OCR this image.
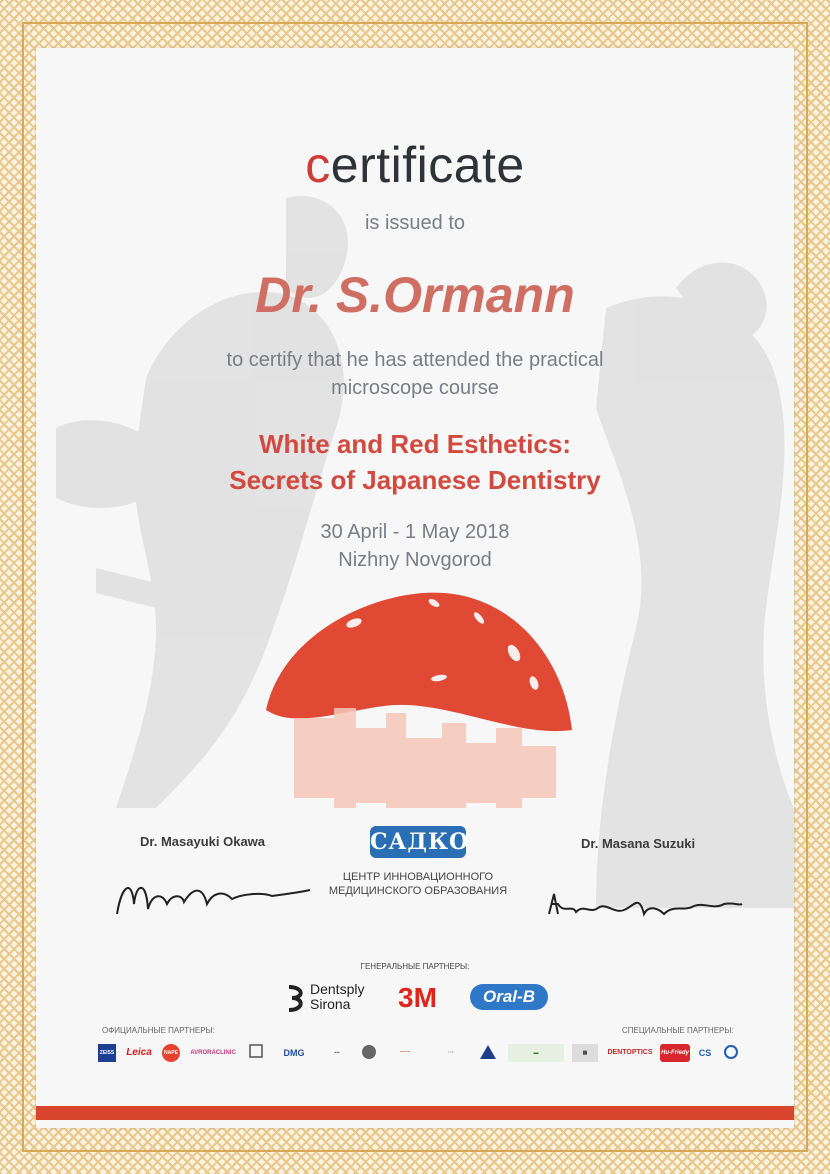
certificate
is issued to
Dr. S.Ormann
to certify that he has attended the practical
microscope course
White and Red Esthetics:
Secrets of Japanese Dentistry
30 April - 1 May 2018
Nizhny Novgorod
Dr. Masayuki Okawa	Dr. Masana Suzuki
САДКО
ЦЕНТР ИННОВАЦИОННОГО
МЕДИЦИНСКОГО ОБРАЗОВАНИЯ
ГЕНЕРАЛЬНЫЕ ПАРТНЕРЫ:
Dentsply
Sirona	3M	Oral-B
ОФИЦИАЛЬНЫЕ ПАРТНЕРЫ:	СПЕЦИАЛЬНЫЕ ПАРТНЕРЫ:
ZEISS Leica	NAPE	AVRORACLINIC	DMG	▪▪▪	~~~	···	▬	▦	DENTOPTICS Hu-Friedy	CS
